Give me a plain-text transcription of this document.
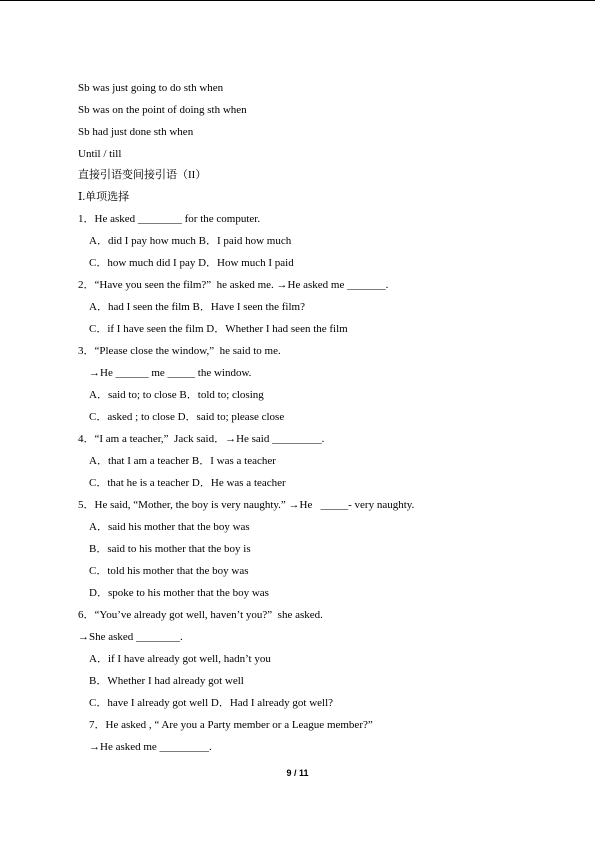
Sb was just going to do sth when
Sb was on the point of doing sth when
Sb had just done sth when
Until / till
直接引语变间接引语（II）
Ⅰ.单项选择
1．He asked ________ for the computer.
A．did I pay how much B．I paid how much
C．how much did I pay D．How much I paid
2．“Have you seen the film?”  he asked me. →He asked me _______.
A．had I seen the film B．Have I seen the film?
C．if I have seen the film D．Whether I had seen the film
3．“Please close the window,”  he said to me.
→He ______ me _____ the window.
A．said to; to close B．told to; closing
C．asked ; to close D．said to; please close
4．“I am a teacher,”  Jack said．→He said _________.
A．that I am a teacher B．I was a teacher
C．that he is a teacher D．He was a teacher
5．He said, “Mother, the boy is very naughty.” →He   _____- very naughty.
A．said his mother that the boy was
B．said to his mother that the boy is
C．told his mother that the boy was
D．spoke to his mother that the boy was
6．“You’ve already got well, haven’t you?”  she asked.
→She asked ________.
A．if I have already got well, hadn’t you
B．Whether I had already got well
C．have I already got well D．Had I already got well?
7．He asked , “ Are you a Party member or a League member?”
→He asked me _________.
9 / 11
